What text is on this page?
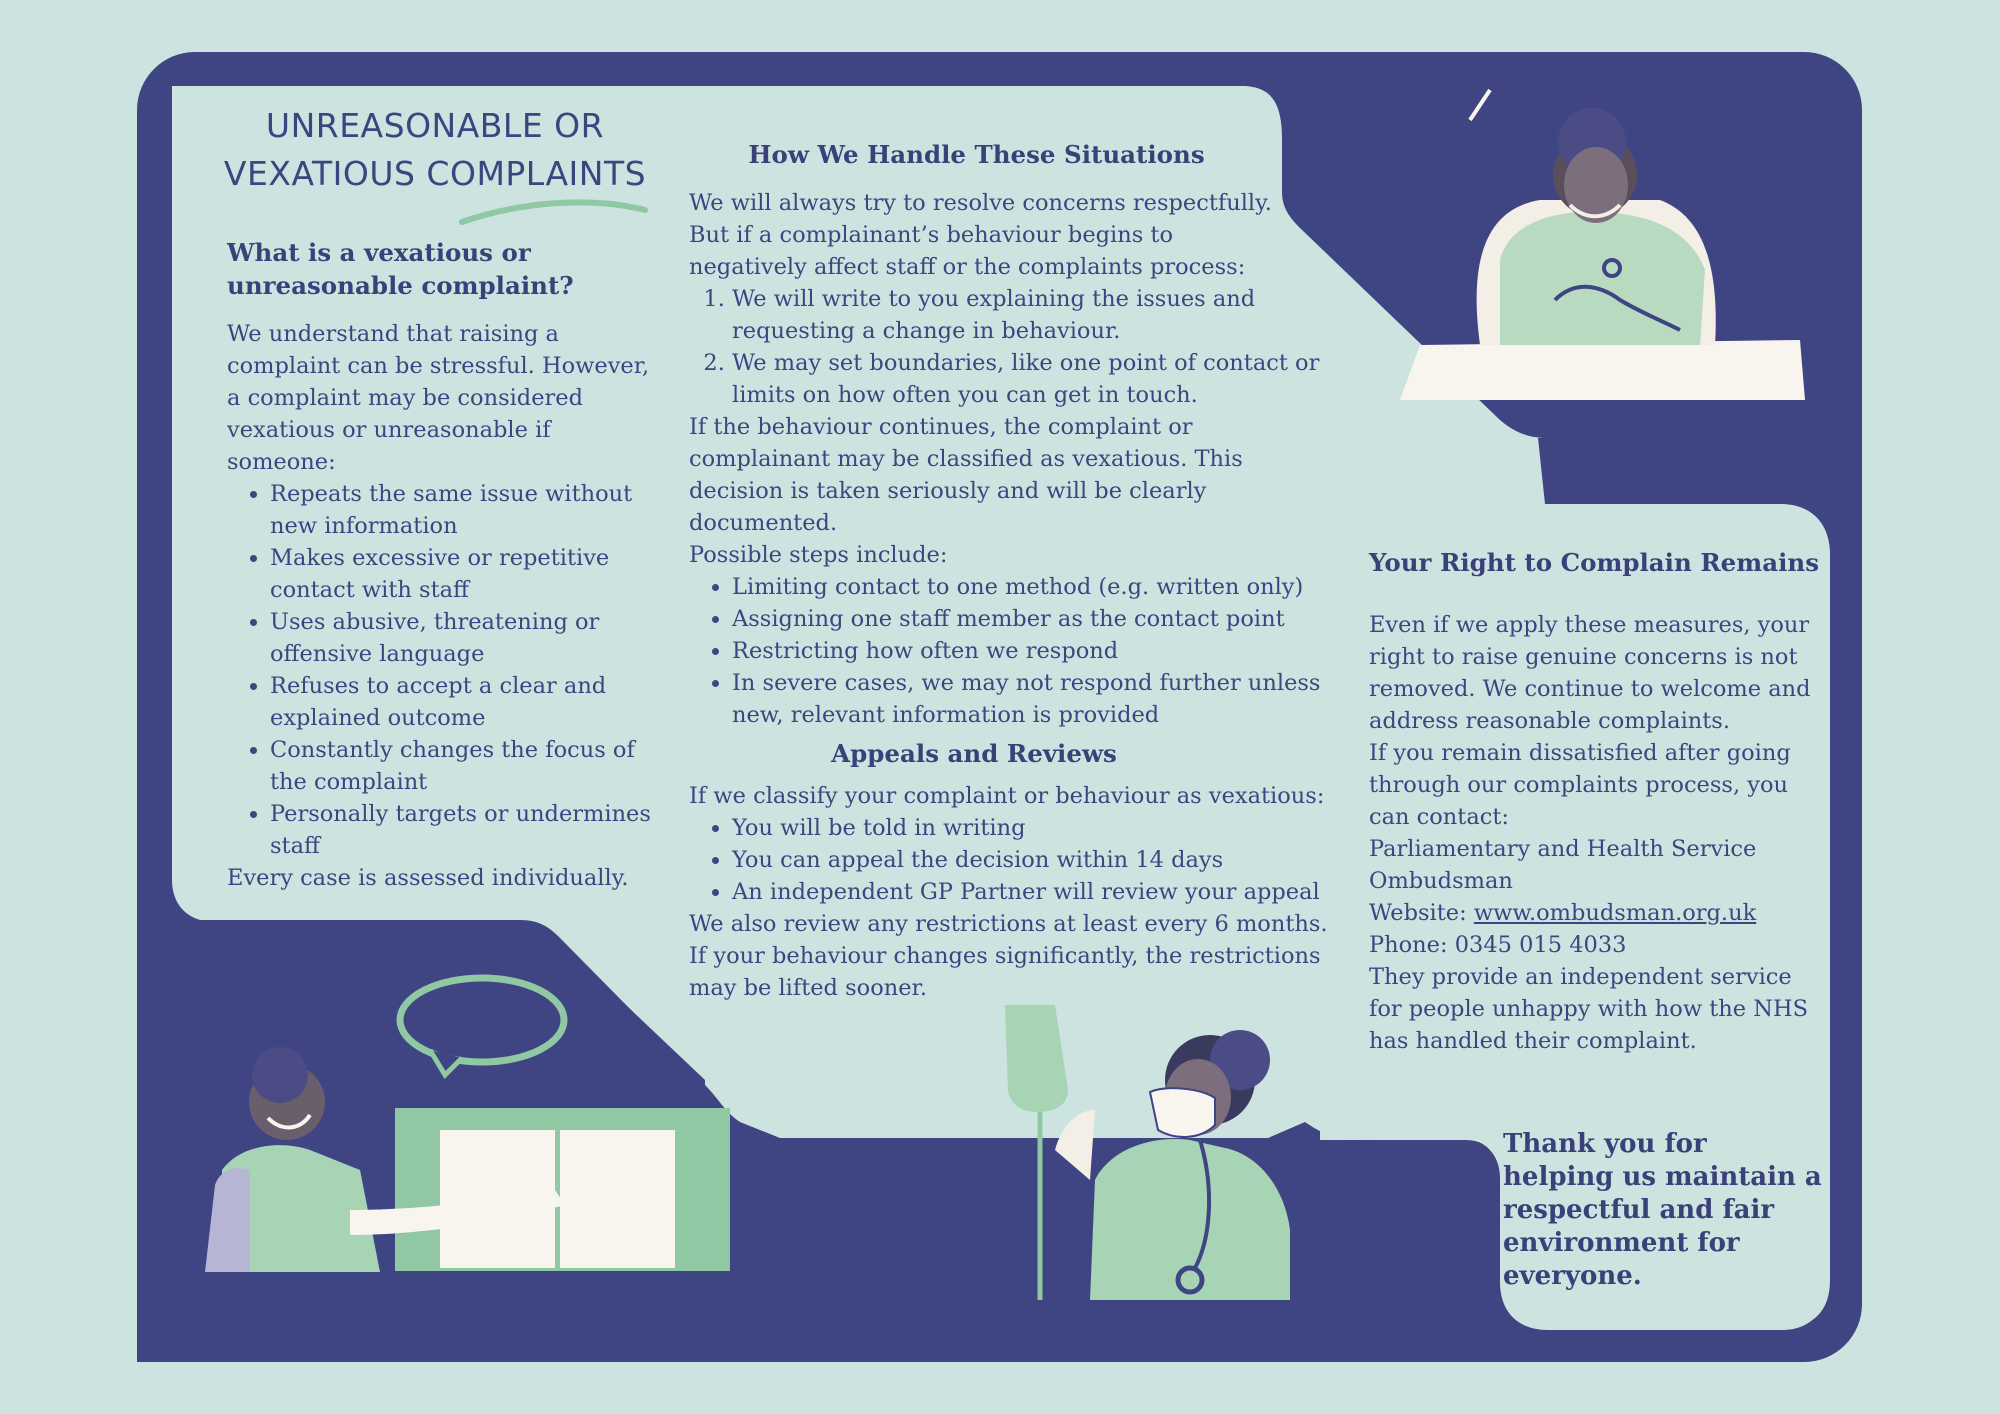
UNREASONABLE OR VEXATIOUS COMPLAINTS

What is a vexatious or unreasonable complaint?

We understand that raising a complaint can be stressful. However, a complaint may be considered vexatious or unreasonable if someone:

• Repeats the same issue without new information
• Makes excessive or repetitive contact with staff
• Uses abusive, threatening or offensive language
• Refuses to accept a clear and explained outcome
• Constantly changes the focus of the complaint
• Personally targets or undermines staff

Every case is assessed individually.

How We Handle These Situations

We will always try to resolve concerns respectfully. But if a complainant’s behaviour begins to negatively affect staff or the complaints process:

1. We will write to you explaining the issues and requesting a change in behaviour.
2. We may set boundaries, like one point of contact or limits on how often you can get in touch.

If the behaviour continues, the complaint or complainant may be classified as vexatious. This decision is taken seriously and will be clearly documented.

Possible steps include:

• Limiting contact to one method (e.g. written only)
• Assigning one staff member as the contact point
• Restricting how often we respond
• In severe cases, we may not respond further unless new, relevant information is provided

Appeals and Reviews

If we classify your complaint or behaviour as vexatious:

• You will be told in writing
• You can appeal the decision within 14 days
• An independent GP Partner will review your appeal

We also review any restrictions at least every 6 months. If your behaviour changes significantly, the restrictions may be lifted sooner.

Your Right to Complain Remains

Even if we apply these measures, your right to raise genuine concerns is not removed. We continue to welcome and address reasonable complaints.

If you remain dissatisfied after going through our complaints process, you can contact:

Parliamentary and Health Service Ombudsman

Website: www.ombudsman.org.uk

Phone: 0345 015 4033

They provide an independent service for people unhappy with how the NHS has handled their complaint.

Thank you for helping us maintain a respectful and fair environment for everyone.
